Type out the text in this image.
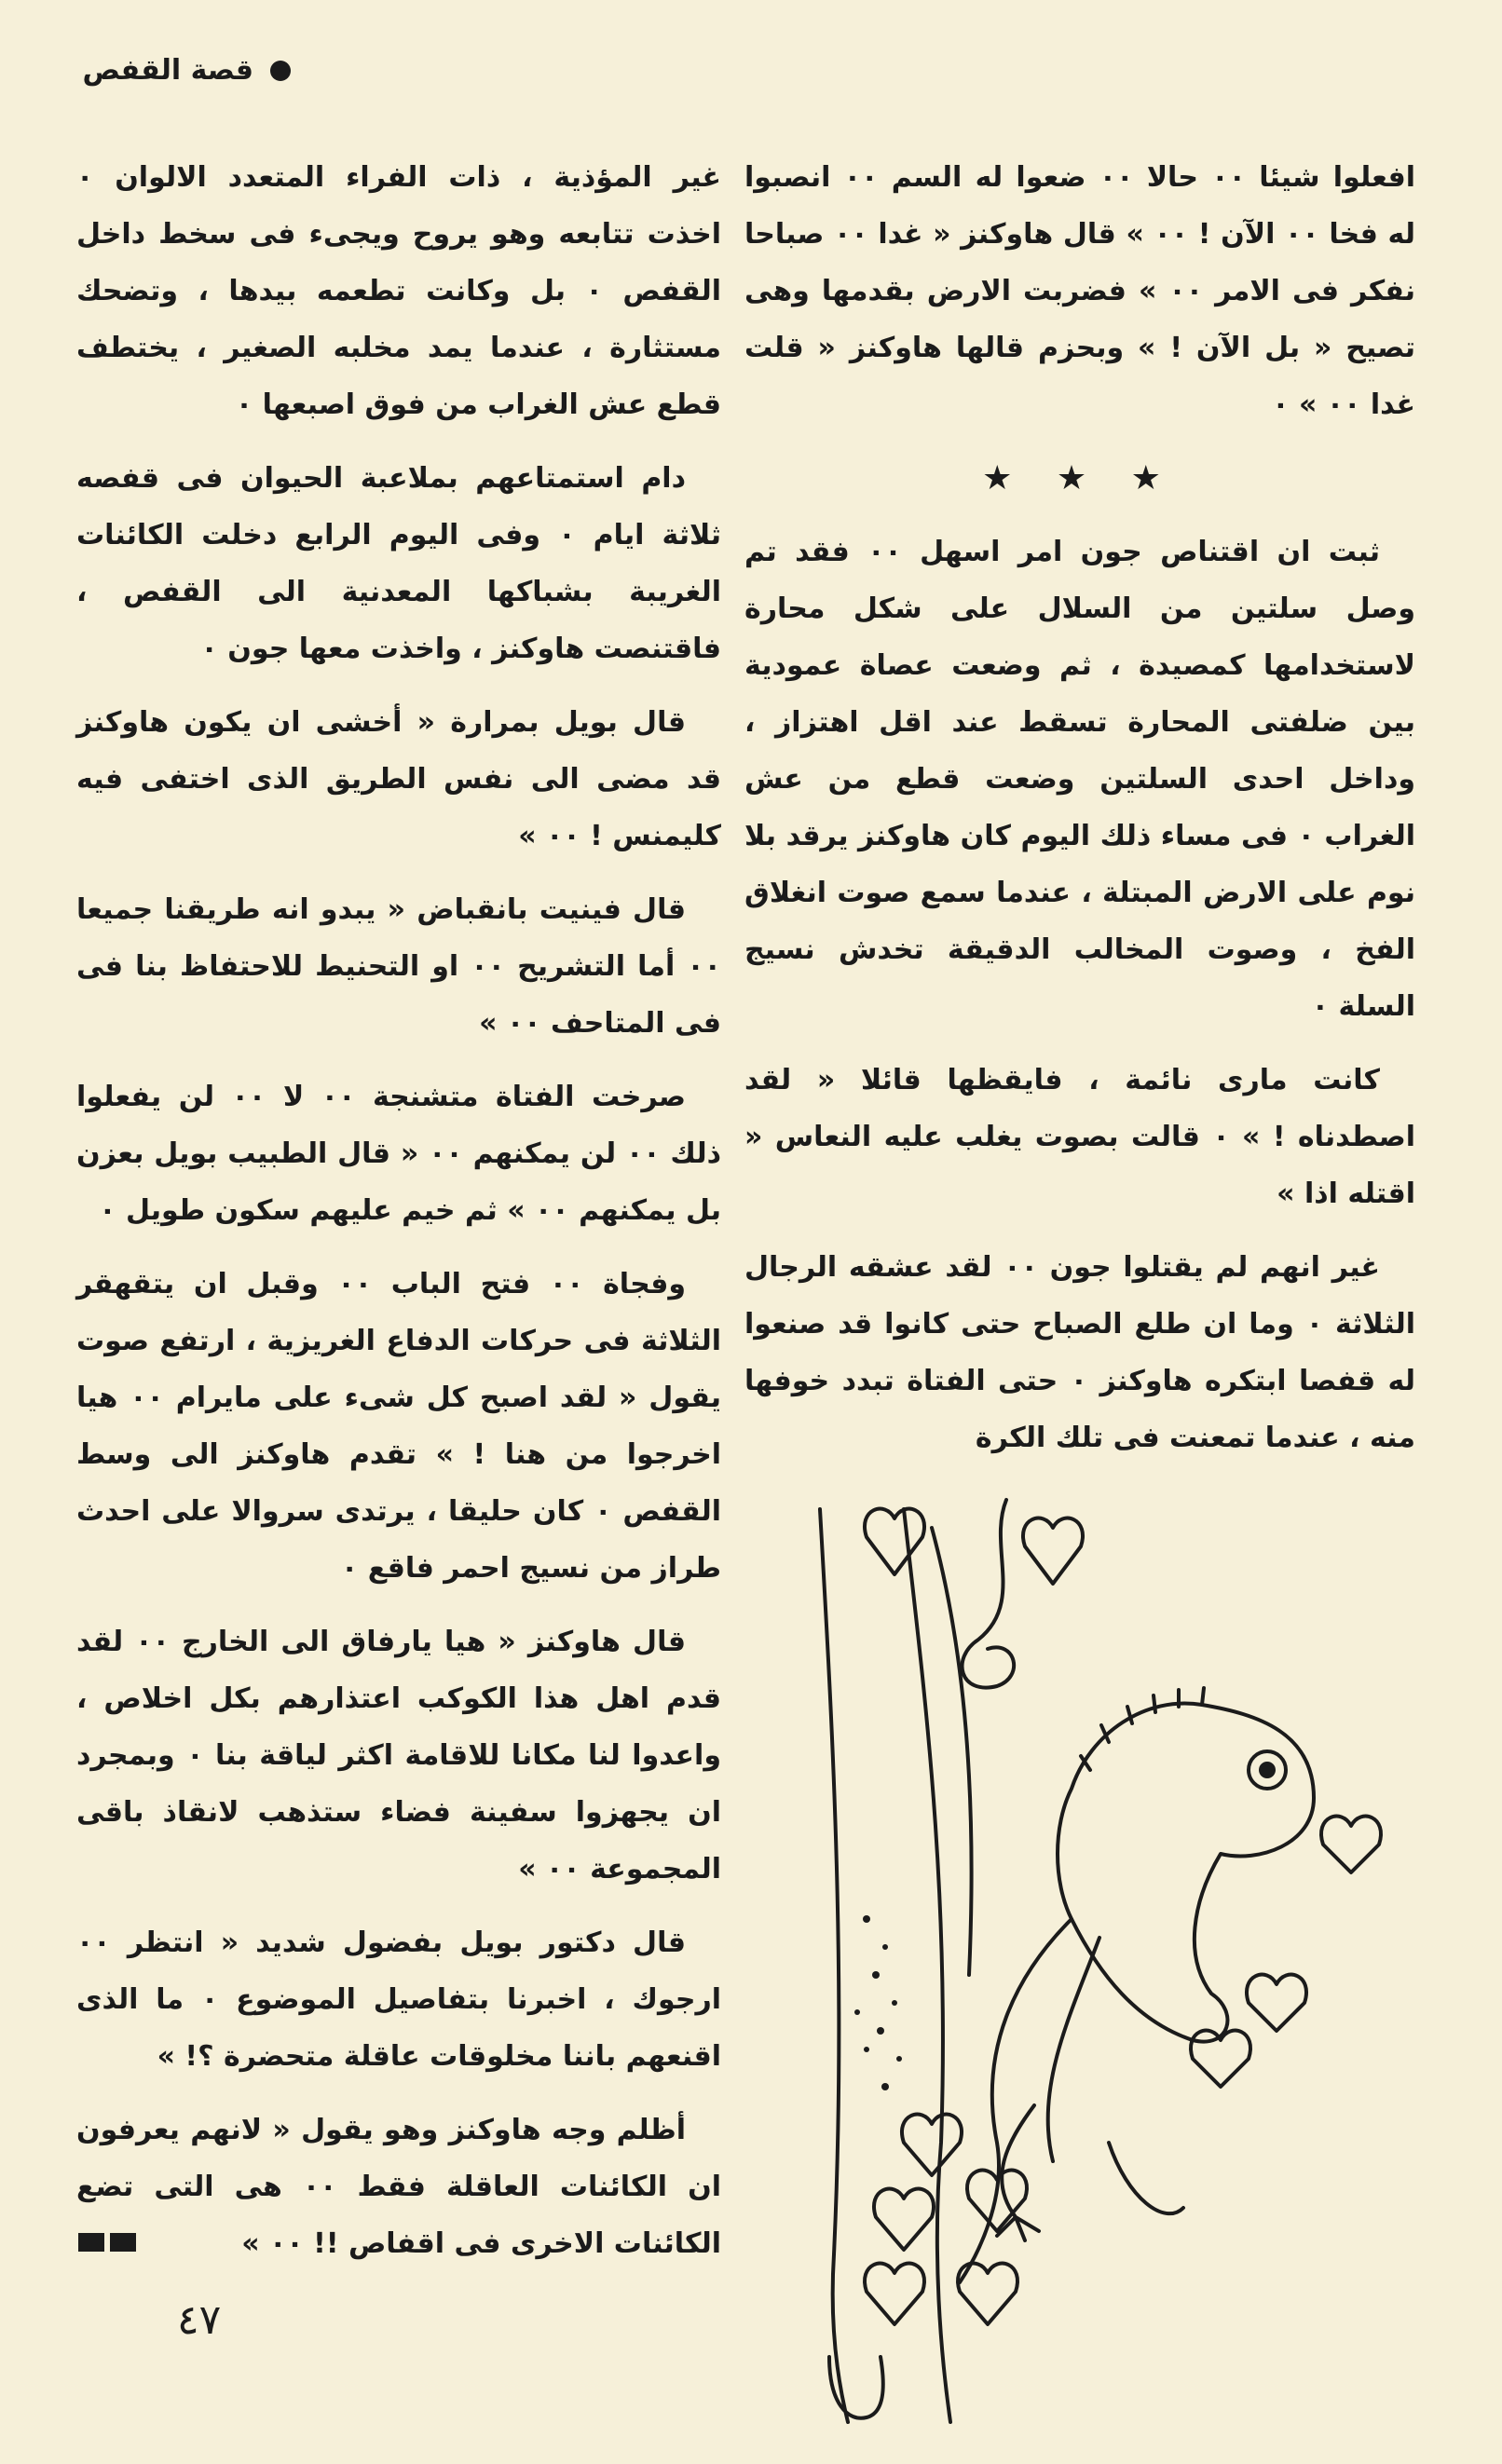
قصة القفص

افعلوا شيئا ٠٠ حالا ٠٠ ضعوا له السم ٠٠ انصبوا له فخا ٠٠ الآن ! ٠٠ » قال هاوكنز « غدا ٠٠ صباحا نفكر فى الامر ٠٠ » فضربت الارض بقدمها وهى تصيح « بل الآن ! » وبحزم قالها هاوكنز « قلت غدا ٠٠ » ٠

★ ★ ★

ثبت ان اقتناص جون امر اسهل ٠٠ فقد تم وصل سلتين من السلال على شكل محارة لاستخدامها كمصيدة ، ثم وضعت عصاة عمودية بين ضلفتى المحارة تسقط عند اقل اهتزاز ، وداخل احدى السلتين وضعت قطع من عش الغراب ٠ فى مساء ذلك اليوم كان هاوكنز يرقد بلا نوم على الارض المبتلة ، عندما سمع صوت انغلاق الفخ ، وصوت المخالب الدقيقة تخدش نسيج السلة ٠

كانت مارى نائمة ، فايقظها قائلا « لقد اصطدناه ! » ٠ قالت بصوت يغلب عليه النعاس « اقتله اذا »

غير انهم لم يقتلوا جون ٠٠ لقد عشقه الرجال الثلاثة ٠ وما ان طلع الصباح حتى كانوا قد صنعوا له قفصا ابتكره هاوكنز ٠ حتى الفتاة تبدد خوفها منه ، عندما تمعنت فى تلك الكرة

غير المؤذية ، ذات الفراء المتعدد الالوان ٠ اخذت تتابعه وهو يروح ويجىء فى سخط داخل القفص ٠ بل وكانت تطعمه بيدها ، وتضحك مستثارة ، عندما يمد مخلبه الصغير ، يختطف قطع عش الغراب من فوق اصبعها ٠

دام استمتاعهم بملاعبة الحيوان فى قفصه ثلاثة ايام ٠ وفى اليوم الرابع دخلت الكائنات الغريبة بشباكها المعدنية الى القفص ، فاقتنصت هاوكنز ، واخذت معها جون ٠

قال بويل بمرارة « أخشى ان يكون هاوكنز قد مضى الى نفس الطريق الذى اختفى فيه كليمنس ! ٠٠ »

قال فينيت بانقباض « يبدو انه طريقنا جميعا ٠٠ أما التشريح ٠٠ او التحنيط للاحتفاظ بنا فى فى المتاحف ٠٠ »

صرخت الفتاة متشنجة ٠٠ لا ٠٠ لن يفعلوا ذلك ٠٠ لن يمكنهم ٠٠ « قال الطبيب بويل بعزن بل يمكنهم ٠٠ » ثم خيم عليهم سكون طويل ٠

وفجاة ٠٠ فتح الباب ٠٠ وقبل ان يتقهقر الثلاثة فى حركات الدفاع الغريزية ، ارتفع صوت يقول « لقد اصبح كل شىء على مايرام ٠٠ هيا اخرجوا من هنا ! » تقدم هاوكنز الى وسط القفص ٠ كان حليقا ، يرتدى سروالا على احدث طراز من نسيج احمر فاقع ٠

قال هاوكنز « هيا يارفاق الى الخارج ٠٠ لقد قدم اهل هذا الكوكب اعتذارهم بكل اخلاص ، واعدوا لنا مكانا للاقامة اكثر لياقة بنا ٠ وبمجرد ان يجهزوا سفينة فضاء ستذهب لانقاذ باقى المجموعة ٠٠ »

قال دكتور بويل بفضول شديد « انتظر ٠٠ ارجوك ، اخبرنا بتفاصيل الموضوع ٠ ما الذى اقنعهم باننا مخلوقات عاقلة متحضرة ؟! »

أظلم وجه هاوكنز وهو يقول « لانهم يعرفون ان الكائنات العاقلة فقط ٠٠ هى التى تضع الكائنات الاخرى فى اقفاص !! ٠٠ »

٤٧
